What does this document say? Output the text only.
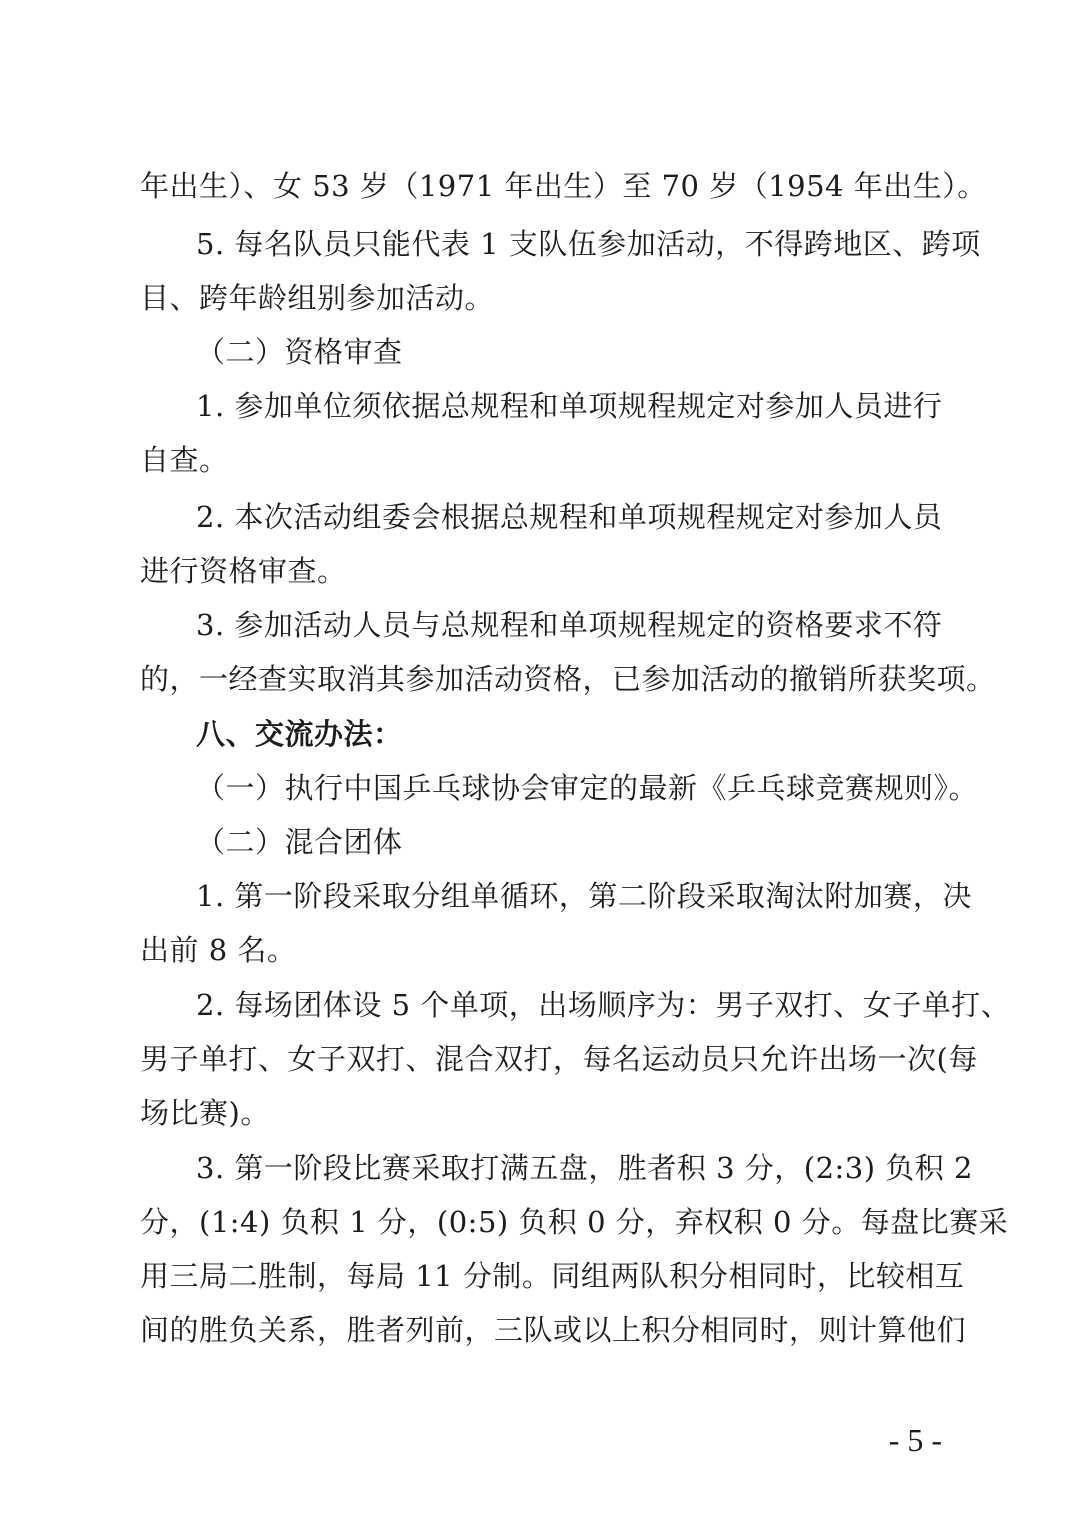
年出生）、女 53 岁（1971 年出生）至 70 岁（1954 年出生）。
5. 每名队员只能代表 1 支队伍参加活动，不得跨地区、跨项
目、跨年龄组别参加活动。
（二）资格审查
1. 参加单位须依据总规程和单项规程规定对参加人员进行
自查。
2. 本次活动组委会根据总规程和单项规程规定对参加人员
进行资格审查。
3. 参加活动人员与总规程和单项规程规定的资格要求不符
的，一经查实取消其参加活动资格，已参加活动的撤销所获奖项。
八、交流办法：
（一）执行中国乒乓球协会审定的最新《乒乓球竞赛规则》。
（二）混合团体
1. 第一阶段采取分组单循环，第二阶段采取淘汰附加赛，决
出前 8 名。
2. 每场团体设 5 个单项，出场顺序为：男子双打、女子单打、
男子单打、女子双打、混合双打，每名运动员只允许出场一次(每
场比赛)。
3. 第一阶段比赛采取打满五盘，胜者积 3 分，(2:3) 负积 2
分，(1:4) 负积 1 分，(0:5) 负积 0 分，弃权积 0 分。每盘比赛采
用三局二胜制，每局 11 分制。同组两队积分相同时，比较相互
间的胜负关系，胜者列前，三队或以上积分相同时，则计算他们
- 5 -
